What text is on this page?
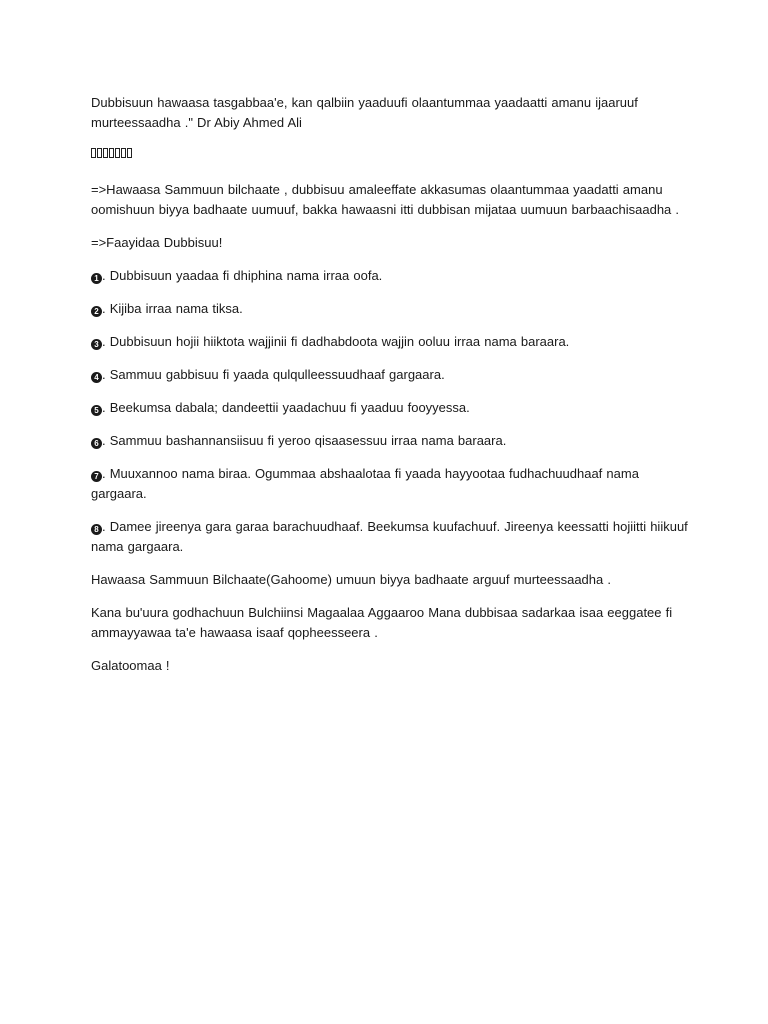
Dubbisuun hawaasa tasgabbaa'e, kan qalbiin yaaduufi olaantummaa yaadaatti amanu ijaaruuf murteessaadha ." Dr Abiy Ahmed Ali

=>Hawaasa Sammuun bilchaate , dubbisuu amaleeffate akkasumas olaantummaa yaadatti amanu oomishuun biyya badhaate uumuuf, bakka hawaasni itti dubbisan mijataa uumuun barbaachisaadha .

=>Faayidaa Dubbisuu!

1 . Dubbisuun yaadaa fi dhiphina nama irraa oofa.

2 . Kijiba irraa nama tiksa.

3 . Dubbisuun hojii hiiktota wajjinii fi dadhabdoota wajjin ooluu irraa nama baraara.

4 . Sammuu gabbisuu fi yaada qulqulleessuudhaaf gargaara.

5 . Beekumsa dabala; dandeettii yaadachuu fi yaaduu fooyyessa.

6 . Sammuu bashannansiisuu fi yeroo qisaasessuu irraa nama baraara.

7 . Muuxannoo nama biraa. Ogummaa abshaalotaa fi yaada hayyootaa fudhachuudhaaf nama gargaara.

8 . Damee jireenya gara garaa barachuudhaaf. Beekumsa kuufachuuf. Jireenya keessatti hojiitti hiikuuf nama gargaara.

Hawaasa Sammuun Bilchaate(Gahoome) umuun biyya badhaate arguuf murteessaadha .

Kana bu'uura godhachuun Bulchiinsi Magaalaa Aggaaroo Mana dubbisaa sadarkaa isaa eeggatee fi ammayyawaa ta'e hawaasa isaaf qopheesseera .

Galatoomaa !
